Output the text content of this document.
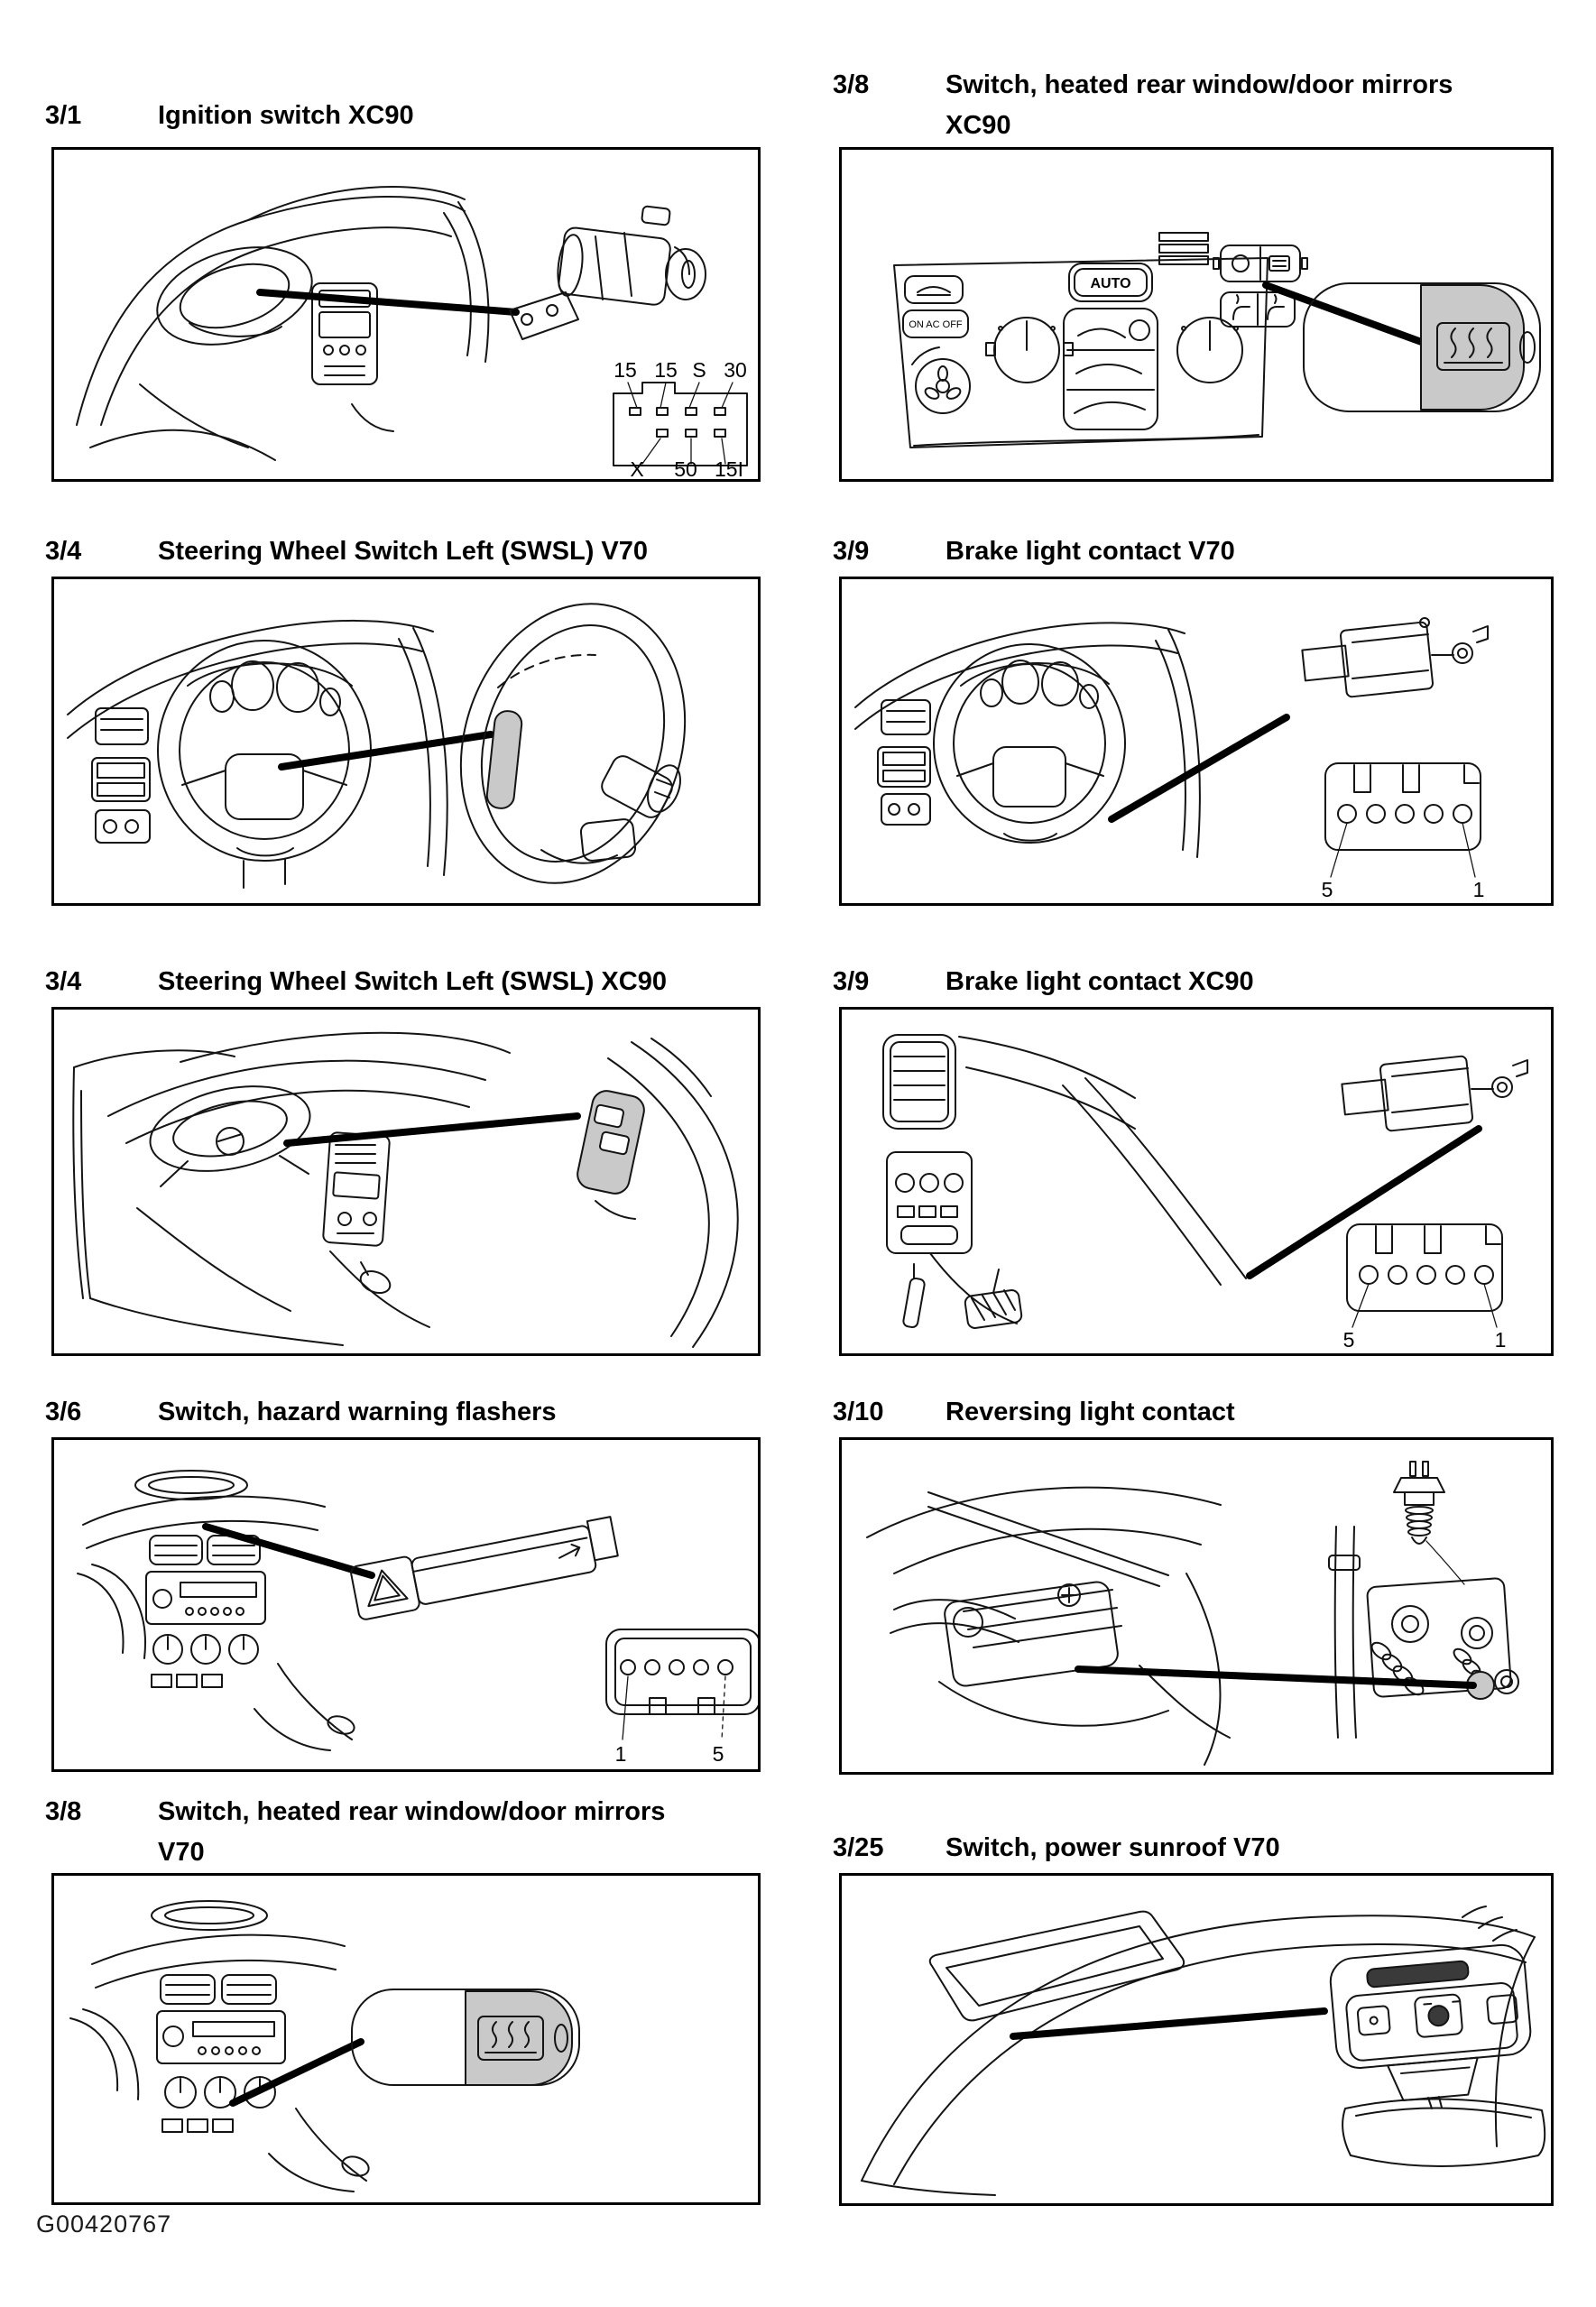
3/1	Ignition switch XC90
3/8	Switch, heated rear window/door mirrors
XC90
3/4	Steering Wheel Switch Left (SWSL) V70	3/9	Brake light contact V70
3/4	Steering Wheel Switch Left (SWSL) XC90	3/9	Brake light contact XC90
3/6	Switch, hazard warning flashers	3/10	Reversing light contact
3/8	Switch, heated rear window/door mirrors
V70	3/25	Switch, power sunroof V70
15 15 S 30
X 50 15I
ON AC OFF
AUTO
5	1
5	1
1	5
G00420767
